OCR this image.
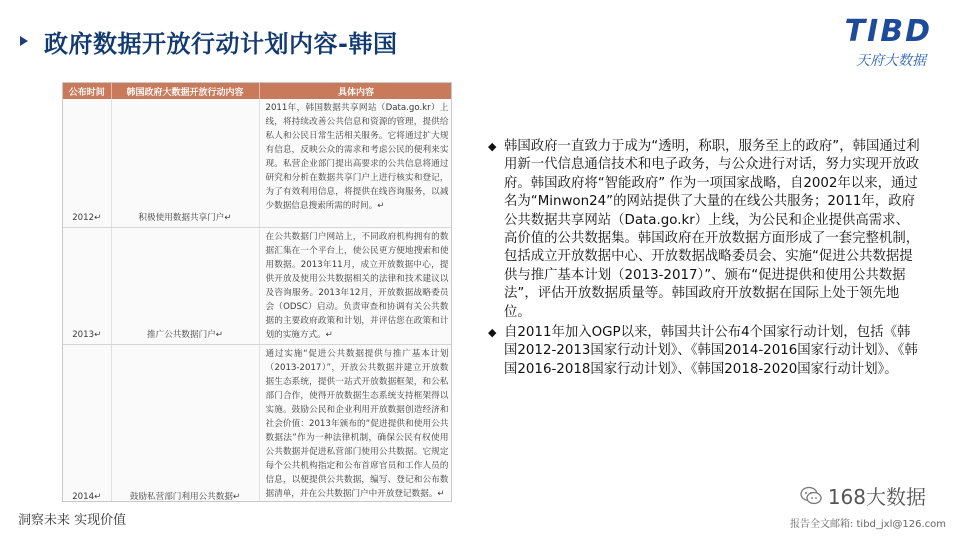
政府数据开放行动计划内容-韩国	TIBD
天府大数据
公布时间	韩国政府大数据开放行动内容	具体内容
2012↵	积极使用数据共享门户↵	2011年，韩国数据共享网站（Data.go.kr）上线，将持续改善公共信息和资源的管理，提供给私人和公民日常生活相关服务。它将通过扩大规有信息，反映公众的需求和考虑公民的便利来实现。私营企业部门提出高要求的公共信息将通过研究和分析在数据共享门户上进行核实和登记，为了有效利用信息，将提供在线咨询服务，以减少数据信息搜索所需的时间。↵
2013↵	推广公共数据门户↵	在公共数据门户网站上，不同政府机构拥有的数据汇集在一个平台上，使公民更方便地搜索和使用数据。2013年11月，成立开放数据中心，提供开放及使用公共数据相关的法律和技术建议以及咨询服务。2013年12月，开放数据战略委员会（ODSC）启动。负责审查和协调有关公共数据的主要政府政策和计划，并评估您在政策和计划的实施方式。↵
2014↵	鼓励私营部门利用公共数据↵	通过实施“促进公共数据提供与推广基本计划（2013-2017）”，开放公共数据并建立开放数据生态系统，提供一站式开放数据框架，和公私部门合作，使得开放数据生态系统支持框架得以实施。鼓励公民和企业利用开放数据创造经济和社会价值：2013年颁布的“促进提供和使用公共数据法”作为一种法律机制，确保公民有权使用公共数据并促进私营部门使用公共数据。它规定每个公共机构指定和公布首席官员和工作人员的信息，以便提供公共数据，编写、登记和公布数据清单，并在公共数据门户中开放登记数据。↵
◆ 韩国政府一直致力于成为“透明，称职，服务至上的政府”，韩国通过利用新一代信息通信技术和电子政务，与公众进行对话，努力实现开放政府。韩国政府将“智能政府” 作为一项国家战略，自2002年以来，通过名为“Minwon24”的网站提供了大量的在线公共服务；2011年，政府公共数据共享网站（Data.go.kr）上线，为公民和企业提供高需求、高价值的公共数据集。韩国政府在开放数据方面形成了一套完整机制，包括成立开放数据中心、开放数据战略委员会、实施“促进公共数据提供与推广基本计划（2013-2017）”、颁布“促进提供和使用公共数据法”，评估开放数据质量等。韩国政府开放数据在国际上处于领先地位。
◆ 自2011年加入OGP以来，韩国共计公布4个国家行动计划，包括《韩国2012-2013国家行动计划》、《韩国2014-2016国家行动计划》、《韩国2016-2018国家行动计划》、《韩国2018-2020国家行动计划》。
洞察未来 实现价值
168大数据
报告全文邮箱: tibd_jxl@126.com
